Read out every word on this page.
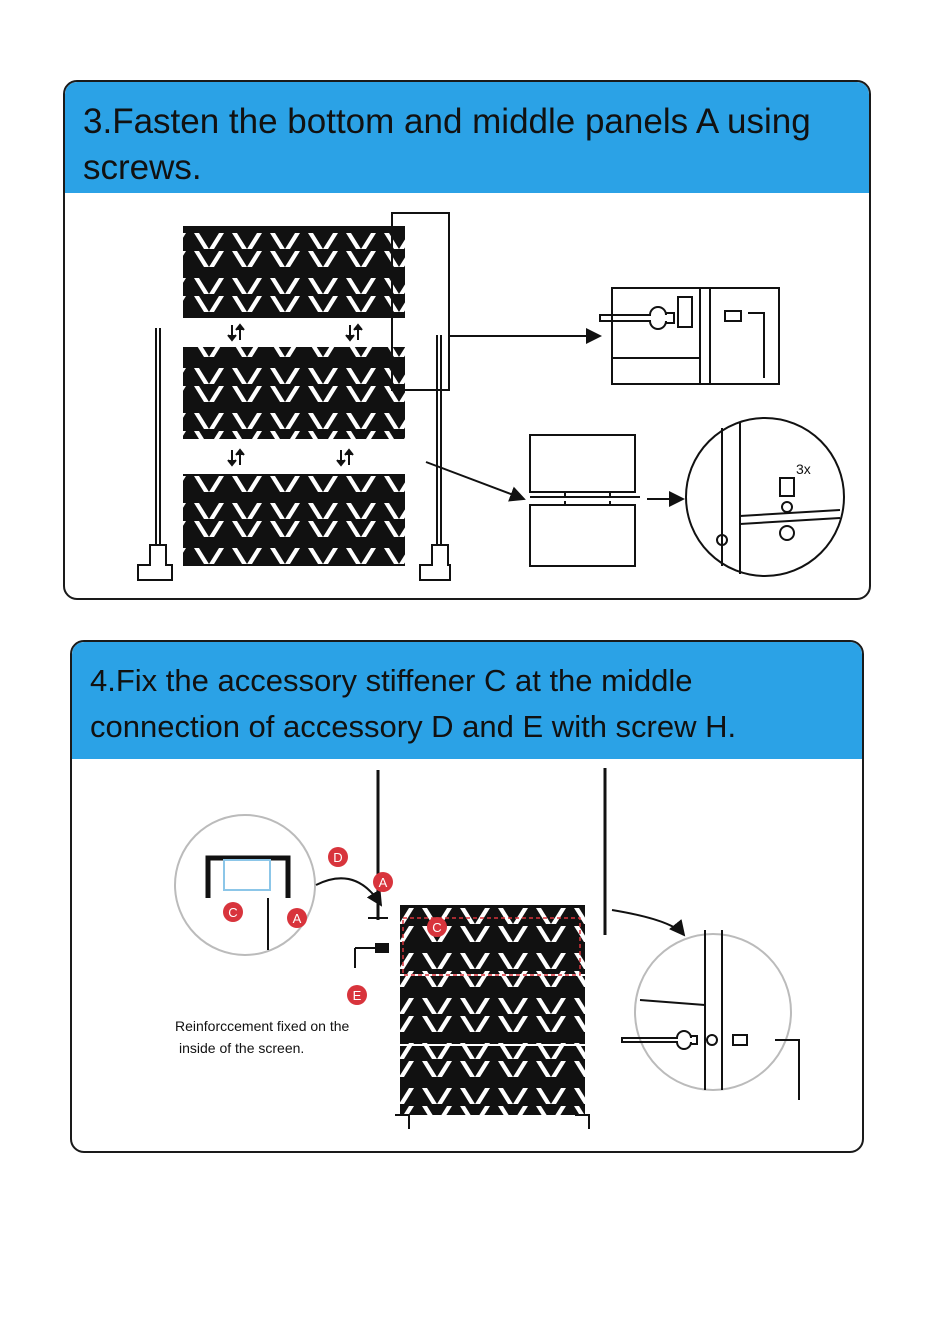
3.Fasten the bottom and middle panels A using
screws.
4.Fix the accessory stiffener C at the middle
connection of accessory D and E with screw H.
3x
D
A
C	A
C
E
Reinforccement fixed on the
inside of the screen.
